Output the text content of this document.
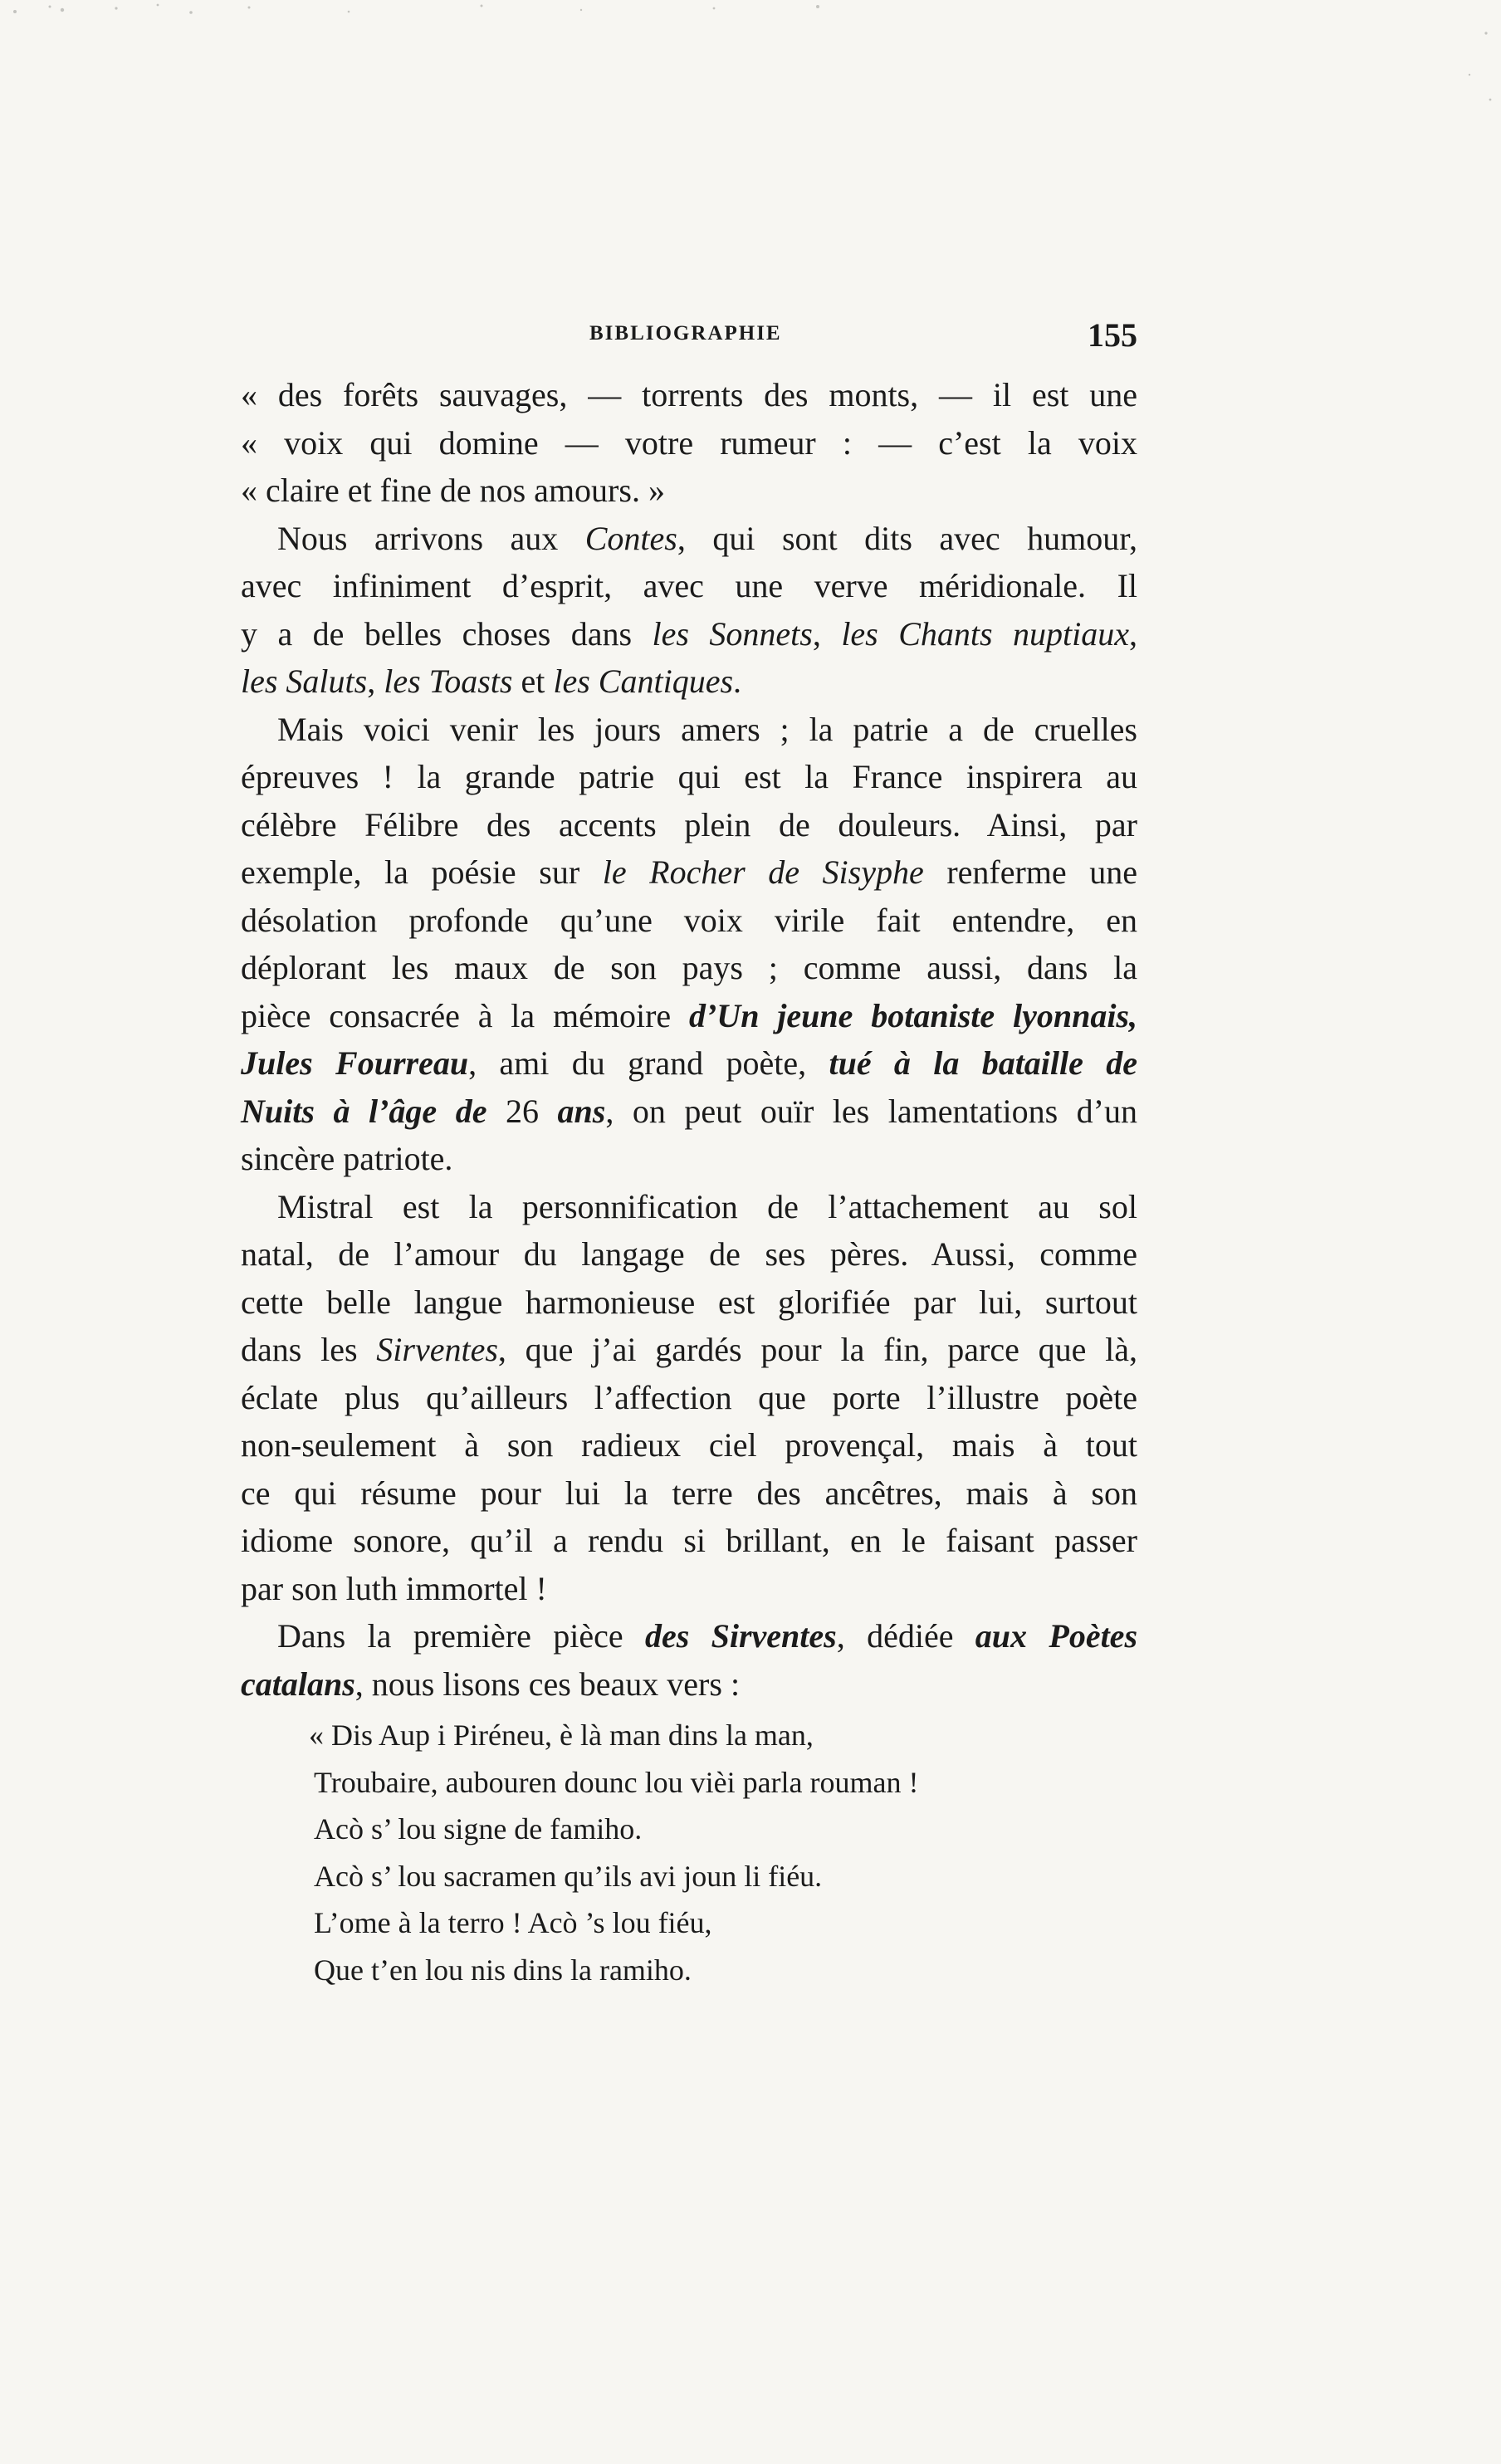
BIBLIOGRAPHIE	155
« des forêts sauvages, — torrents des monts, — il est une
« voix qui domine — votre rumeur : — c’est la voix
« claire et fine de nos amours. »
Nous arrivons aux Contes, qui sont dits avec humour,
avec infiniment d’esprit, avec une verve méridionale. Il
y a de belles choses dans les Sonnets, les Chants nuptiaux,
les Saluts, les Toasts et les Cantiques.
Mais voici venir les jours amers ; la patrie a de cruelles
épreuves ! la grande patrie qui est la France inspirera au
célèbre Félibre des accents plein de douleurs. Ainsi, par
exemple, la poésie sur le Rocher de Sisyphe renferme une
désolation profonde qu’une voix virile fait entendre, en
déplorant les maux de son pays ; comme aussi, dans la
pièce consacrée à la mémoire d’Un jeune botaniste lyonnais,
Jules Fourreau, ami du grand poète, tué à la bataille de
Nuits à l’âge de 26 ans, on peut ouïr les lamentations d’un
sincère patriote.
Mistral est la personnification de l’attachement au sol
natal, de l’amour du langage de ses pères. Aussi, comme
cette belle langue harmonieuse est glorifiée par lui, surtout
dans les Sirventes, que j’ai gardés pour la fin, parce que là,
éclate plus qu’ailleurs l’affection que porte l’illustre poète
non-seulement à son radieux ciel provençal, mais à tout
ce qui résume pour lui la terre des ancêtres, mais à son
idiome sonore, qu’il a rendu si brillant, en le faisant passer
par son luth immortel !
Dans la première pièce des Sirventes, dédiée aux Poètes
catalans, nous lisons ces beaux vers :
« Dis Aup i Piréneu, è là man dins la man,
Troubaire, aubouren dounc lou vièi parla rouman !
Acò s’ lou signe de famiho.
Acò s’ lou sacramen qu’ils avi joun li fiéu.
L’ome à la terro ! Acò ’s lou fiéu,
Que t’en lou nis dins la ramiho.
